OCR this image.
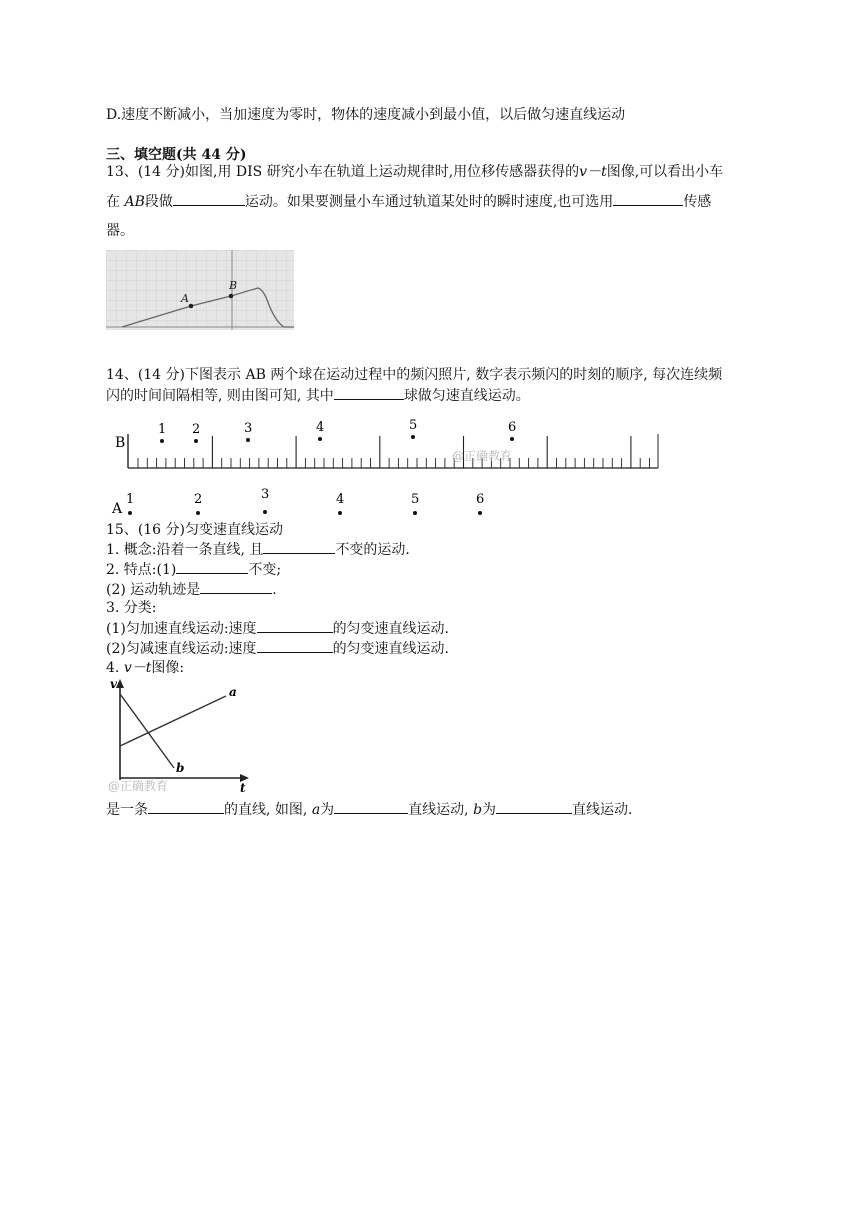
D.速度不断减小，当加速度为零时，物体的速度减小到最小值，以后做匀速直线运动
三、填空题(共 44 分)
13、(14 分)如图,用 DIS 研究小车在轨道上运动规律时,用位移传感器获得的v－t图像,可以看出小车
在 AB段做	运动。如果要测量小车通过轨道某处时的瞬时速度,也可选用	传感
器。
A
B
14、(14 分)下图表示 AB 两个球在运动过程中的频闪照片, 数字表示频闪的时刻的顺序, 每次连续频
闪的时间间隔相等, 则由图可知, 其中	球做匀速直线运动。
B
A
@正确教育
1 2	3	4	5	6
1	2	3	4	5	6
15、(16 分)匀变速直线运动
1. 概念:沿着一条直线, 且	不变的运动.
2. 特点:(1)	不变;
(2) 运动轨迹是	.
3. 分类:
(1)匀加速直线运动:速度	的匀变速直线运动.
(2)匀减速直线运动:速度	的匀变速直线运动.
4. v－t图像:
v
t
a
b
@正确教育
是一条	的直线, 如图, a为	直线运动, b为	直线运动.
